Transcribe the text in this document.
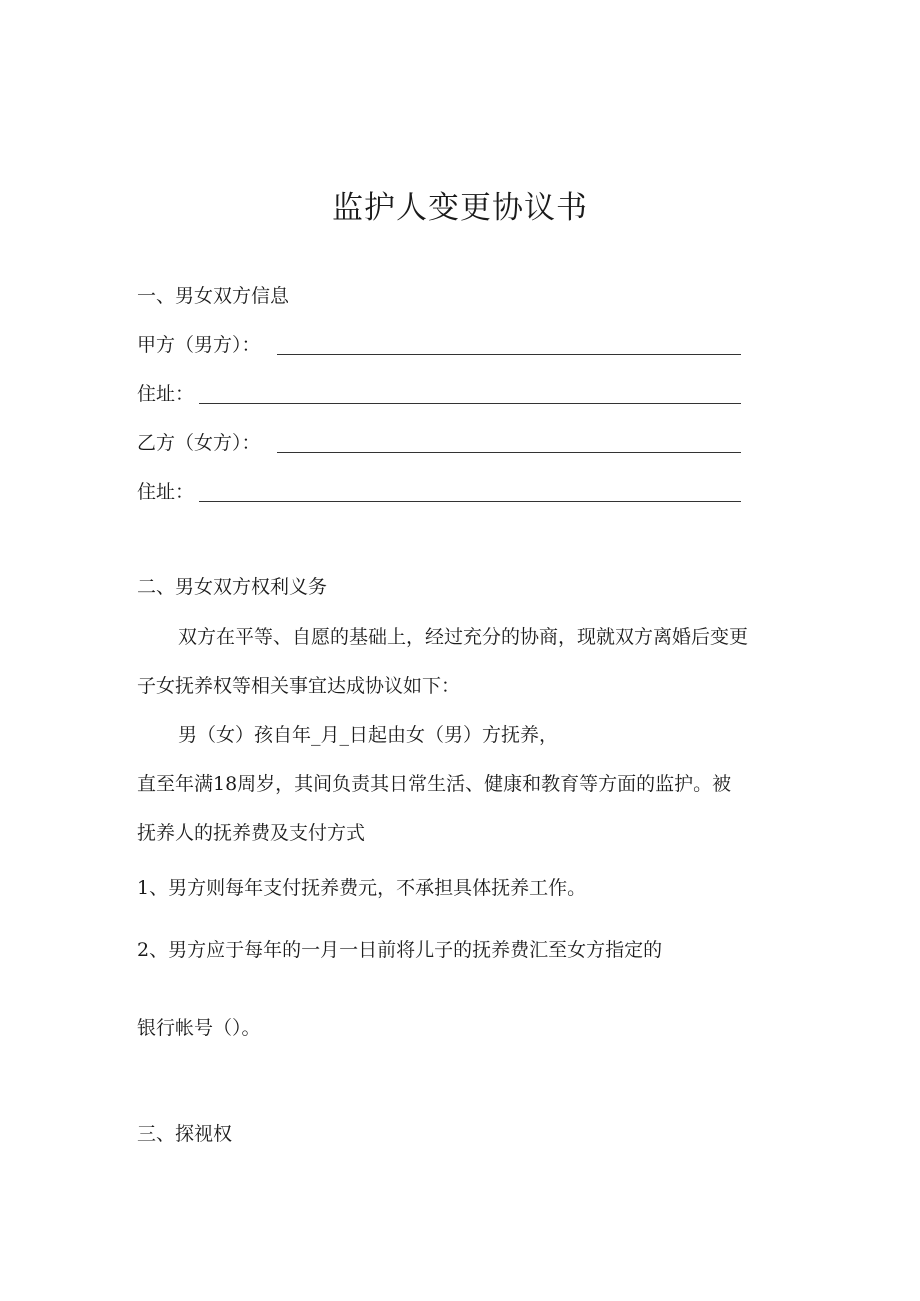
监护人变更协议书
一、男女双方信息
甲方（男方）：
住址：
乙方（女方）：
住址：
二、男女双方权利义务
双方在平等、自愿的基础上，经过充分的协商，现就双方离婚后变更
子女抚养权等相关事宜达成协议如下：
男（女）孩自年_月_日起由女（男）方抚养，
直至年满18周岁，其间负责其日常生活、健康和教育等方面的监护。被
抚养人的抚养费及支付方式
1、男方则每年支付抚养费元，不承担具体抚养工作。
2、男方应于每年的一月一日前将儿子的抚养费汇至女方指定的
银行帐号（）。
三、探视权
